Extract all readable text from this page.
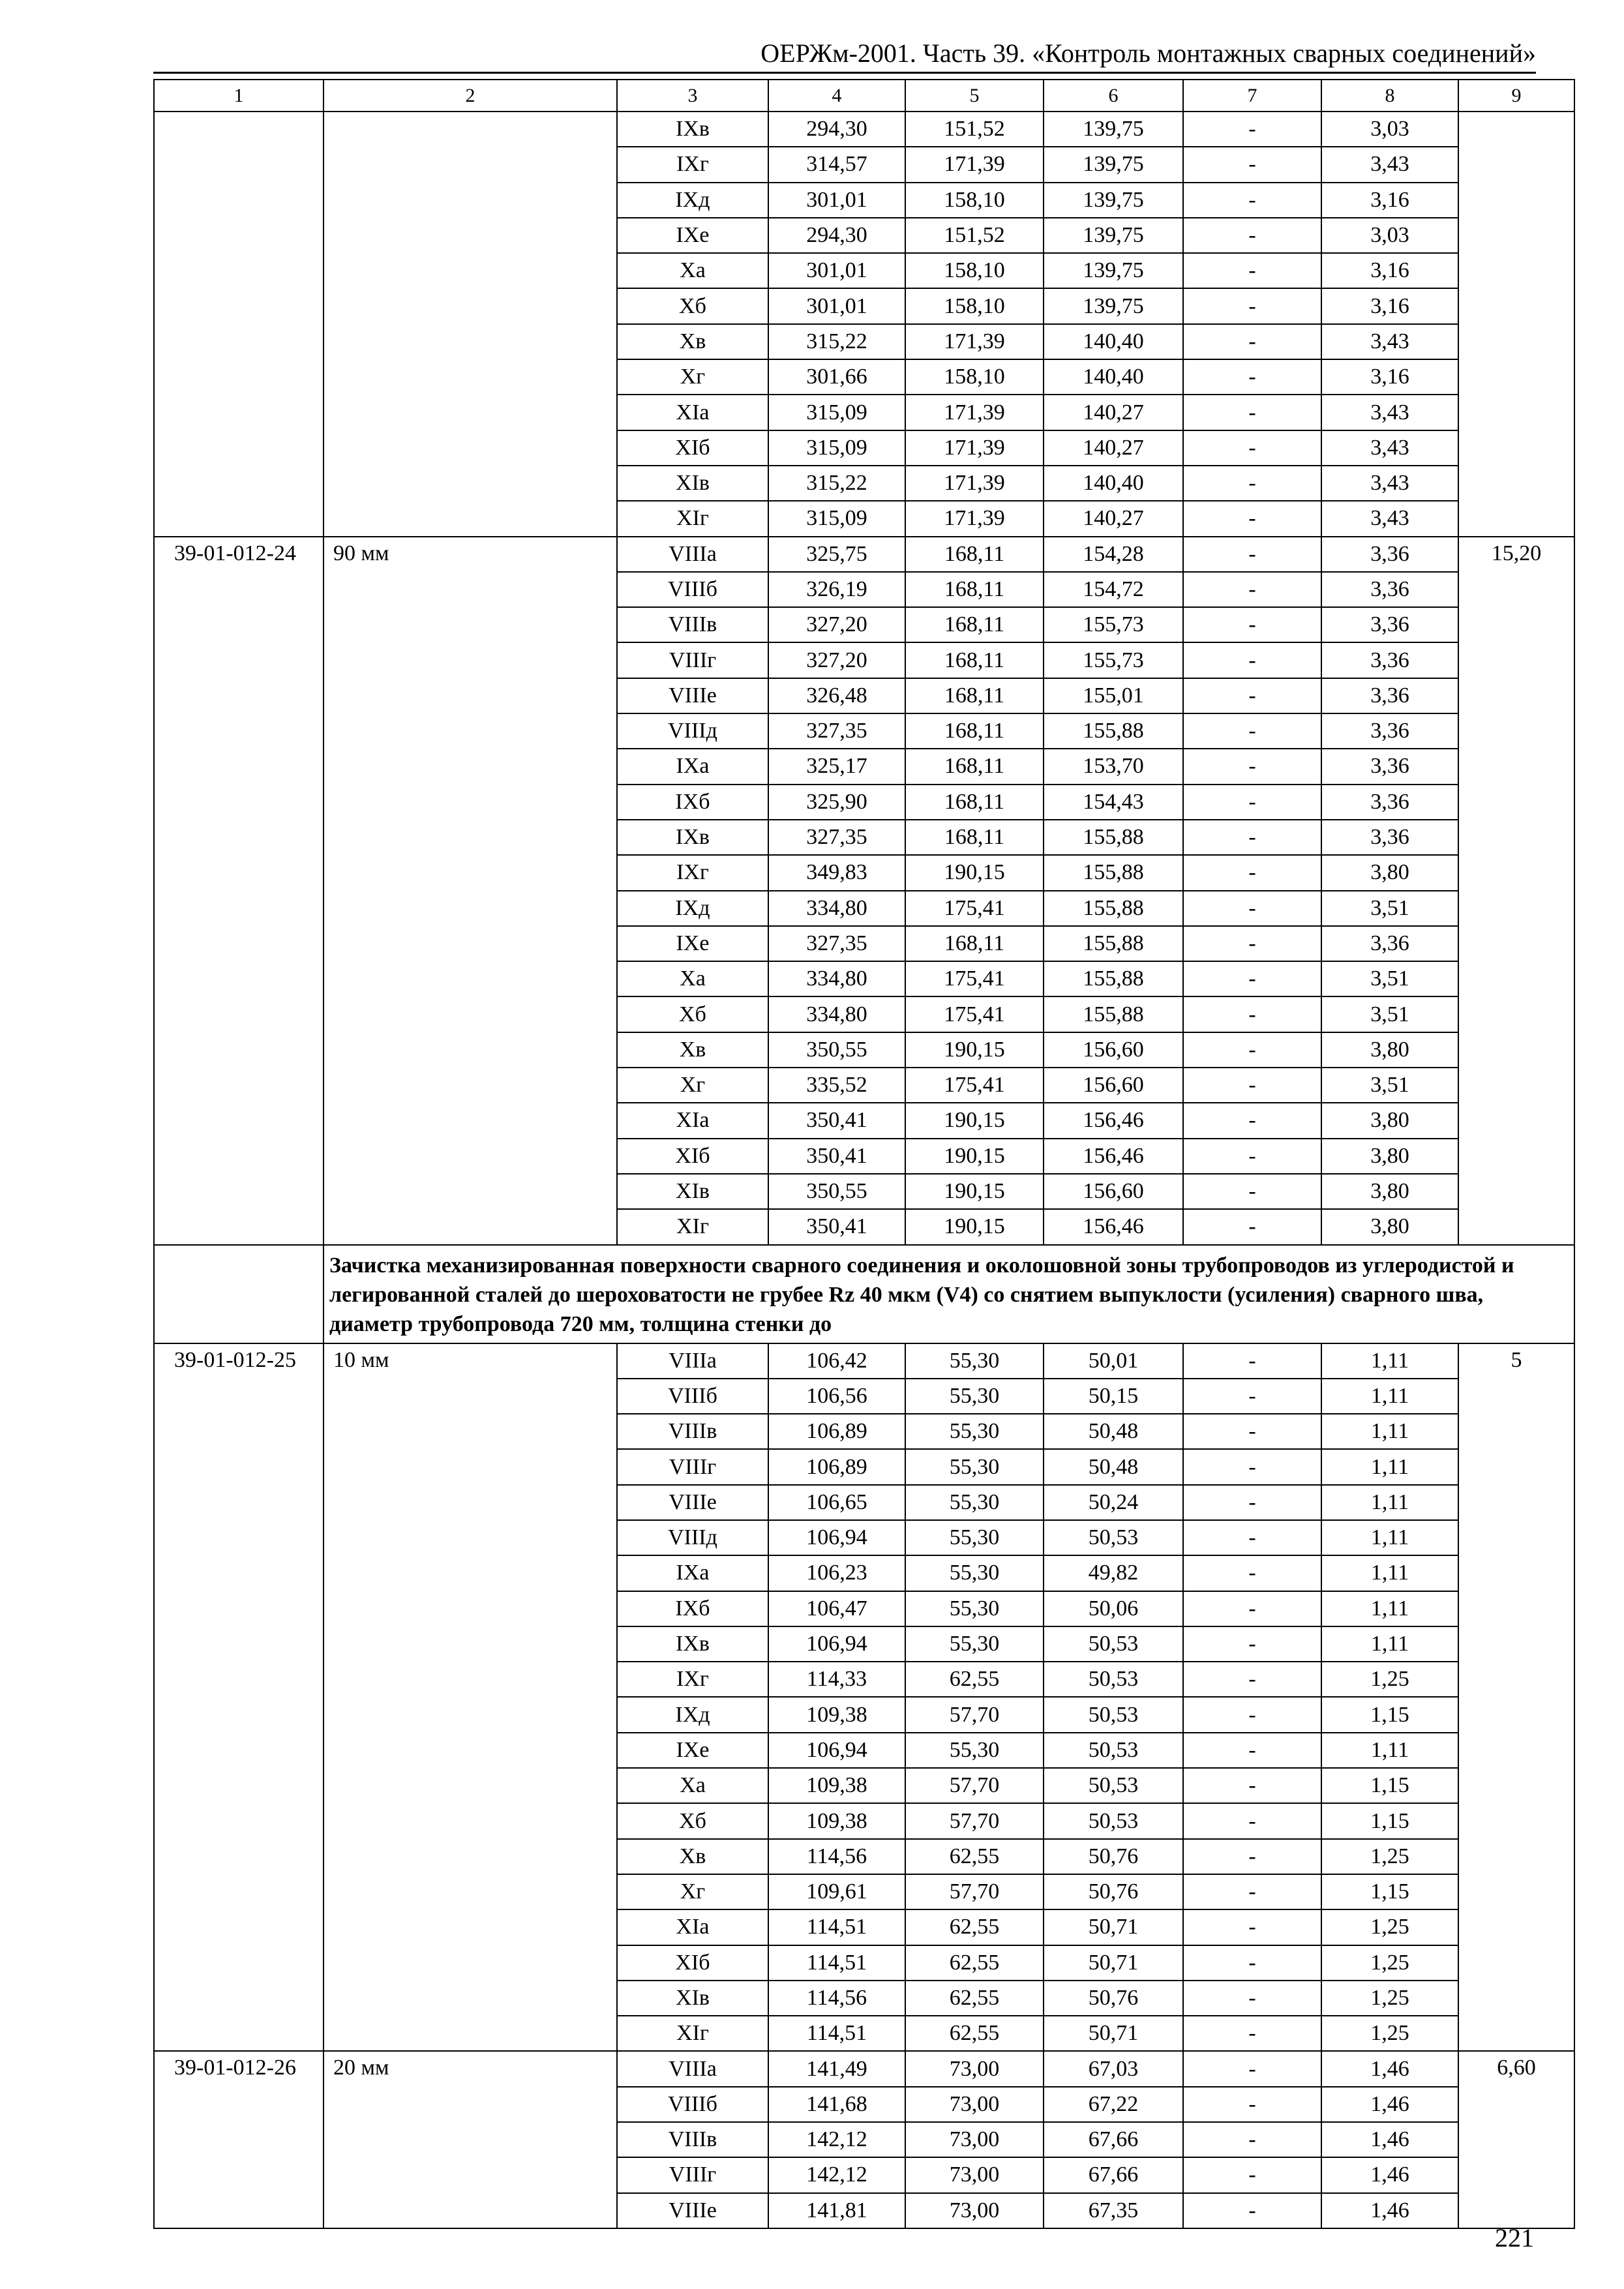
ОЕРЖм-2001. Часть 39. «Контроль монтажных сварных соединений»
1	2	3	4	5	6	7	8	9
		IXв	294,30	151,52	139,75	-	3,03	
		IXг	314,57	171,39	139,75	-	3,43	
		IXд	301,01	158,10	139,75	-	3,16	
		IXе	294,30	151,52	139,75	-	3,03	
		Xа	301,01	158,10	139,75	-	3,16	
		Xб	301,01	158,10	139,75	-	3,16	
		Xв	315,22	171,39	140,40	-	3,43	
		Xг	301,66	158,10	140,40	-	3,16	
		XIа	315,09	171,39	140,27	-	3,43	
		XIб	315,09	171,39	140,27	-	3,43	
		XIв	315,22	171,39	140,40	-	3,43	
		XIг	315,09	171,39	140,27	-	3,43	
39-01-012-24	90 мм	VIIIа	325,75	168,11	154,28	-	3,36	15,20
		VIIIб	326,19	168,11	154,72	-	3,36	
		VIIIв	327,20	168,11	155,73	-	3,36	
		VIIIг	327,20	168,11	155,73	-	3,36	
		VIIIе	326,48	168,11	155,01	-	3,36	
		VIIIд	327,35	168,11	155,88	-	3,36	
		IXа	325,17	168,11	153,70	-	3,36	
		IXб	325,90	168,11	154,43	-	3,36	
		IXв	327,35	168,11	155,88	-	3,36	
		IXг	349,83	190,15	155,88	-	3,80	
		IXд	334,80	175,41	155,88	-	3,51	
		IXе	327,35	168,11	155,88	-	3,36	
		Xа	334,80	175,41	155,88	-	3,51	
		Xб	334,80	175,41	155,88	-	3,51	
		Xв	350,55	190,15	156,60	-	3,80	
		Xг	335,52	175,41	156,60	-	3,51	
		XIа	350,41	190,15	156,46	-	3,80	
		XIб	350,41	190,15	156,46	-	3,80	
		XIв	350,55	190,15	156,60	-	3,80	
		XIг	350,41	190,15	156,46	-	3,80	
	Зачистка механизированная поверхности сварного соединения и околошовной зоны трубопроводов из углеродистой и легированной сталей до шероховатости не грубее Rz 40 мкм (V4) со снятием выпуклости (усиления) сварного шва, диаметр трубопровода 720 мм, толщина стенки до							
39-01-012-25	10 мм	VIIIа	106,42	55,30	50,01	-	1,11	5
		VIIIб	106,56	55,30	50,15	-	1,11	
		VIIIв	106,89	55,30	50,48	-	1,11	
		VIIIг	106,89	55,30	50,48	-	1,11	
		VIIIе	106,65	55,30	50,24	-	1,11	
		VIIIд	106,94	55,30	50,53	-	1,11	
		IXа	106,23	55,30	49,82	-	1,11	
		IXб	106,47	55,30	50,06	-	1,11	
		IXв	106,94	55,30	50,53	-	1,11	
		IXг	114,33	62,55	50,53	-	1,25	
		IXд	109,38	57,70	50,53	-	1,15	
		IXе	106,94	55,30	50,53	-	1,11	
		Xа	109,38	57,70	50,53	-	1,15	
		Xб	109,38	57,70	50,53	-	1,15	
		Xв	114,56	62,55	50,76	-	1,25	
		Xг	109,61	57,70	50,76	-	1,15	
		XIа	114,51	62,55	50,71	-	1,25	
		XIб	114,51	62,55	50,71	-	1,25	
		XIв	114,56	62,55	50,76	-	1,25	
		XIг	114,51	62,55	50,71	-	1,25	
39-01-012-26	20 мм	VIIIа	141,49	73,00	67,03	-	1,46	6,60
		VIIIб	141,68	73,00	67,22	-	1,46	
		VIIIв	142,12	73,00	67,66	-	1,46	
		VIIIг	142,12	73,00	67,66	-	1,46	
		VIIIе	141,81	73,00	67,35	-	1,46	
221
